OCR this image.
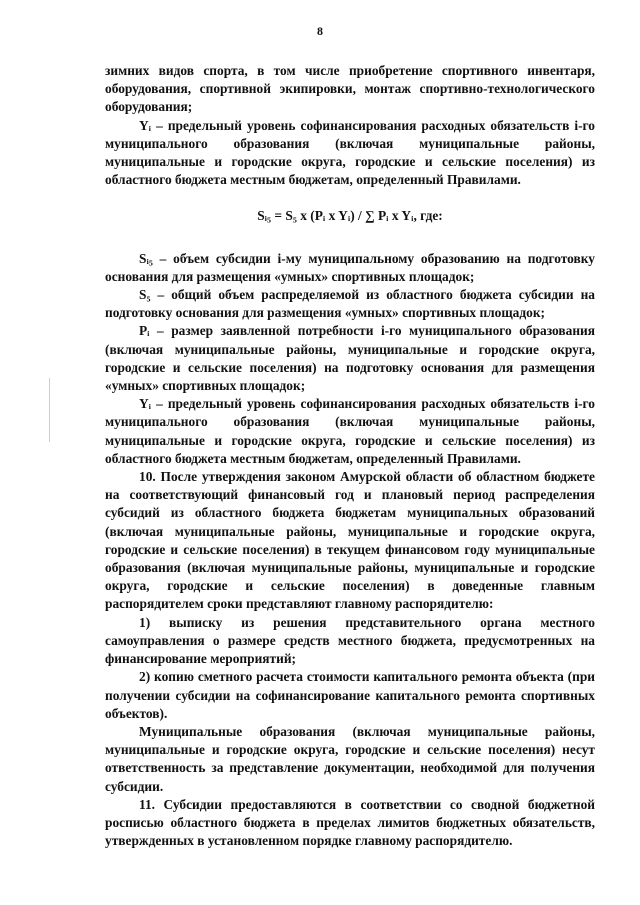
8

зимних видов спорта, в том числе приобретение спортивного инвентаря, оборудования, спортивной экипировки, монтаж спортивно-технологического оборудования;

Yᵢ – предельный уровень софинансирования расходных обязательств i-го муниципального образования (включая муниципальные районы, муниципальные и городские округа, городские и сельские поселения) из областного бюджета местным бюджетам, определенный Правилами.

Sᵢ₅ = S₅ x (Pᵢ x Yᵢ) / ∑ Pᵢ x Yᵢ, где:

Sᵢ₅ – объем субсидии i-му муниципальному образованию на подготовку основания для размещения «умных» спортивных площадок;

S₅ – общий объем распределяемой из областного бюджета субсидии на подготовку основания для размещения «умных» спортивных площадок;

Pᵢ – размер заявленной потребности i-го муниципального образования (включая муниципальные районы, муниципальные и городские округа, городские и сельские поселения) на подготовку основания для размещения «умных» спортивных площадок;

Yᵢ – предельный уровень софинансирования расходных обязательств i-го муниципального образования (включая муниципальные районы, муниципальные и городские округа, городские и сельские поселения) из областного бюджета местным бюджетам, определенный Правилами.

10. После утверждения законом Амурской области об областном бюджете на соответствующий финансовый год и плановый период распределения субсидий из областного бюджета бюджетам муниципальных образований (включая муниципальные районы, муниципальные и городские округа, городские и сельские поселения) в текущем финансовом году муниципальные образования (включая муниципальные районы, муниципальные и городские округа, городские и сельские поселения) в доведенные главным распорядителем сроки представляют главному распорядителю:

1) выписку из решения представительного органа местного самоуправления о размере средств местного бюджета, предусмотренных на финансирование мероприятий;

2) копию сметного расчета стоимости капитального ремонта объекта (при получении субсидии на софинансирование капитального ремонта спортивных объектов).

Муниципальные образования (включая муниципальные районы, муниципальные и городские округа, городские и сельские поселения) несут ответственность за представление документации, необходимой для получения субсидии.

11. Субсидии предоставляются в соответствии со сводной бюджетной росписью областного бюджета в пределах лимитов бюджетных обязательств, утвержденных в установленном порядке главному распорядителю.
